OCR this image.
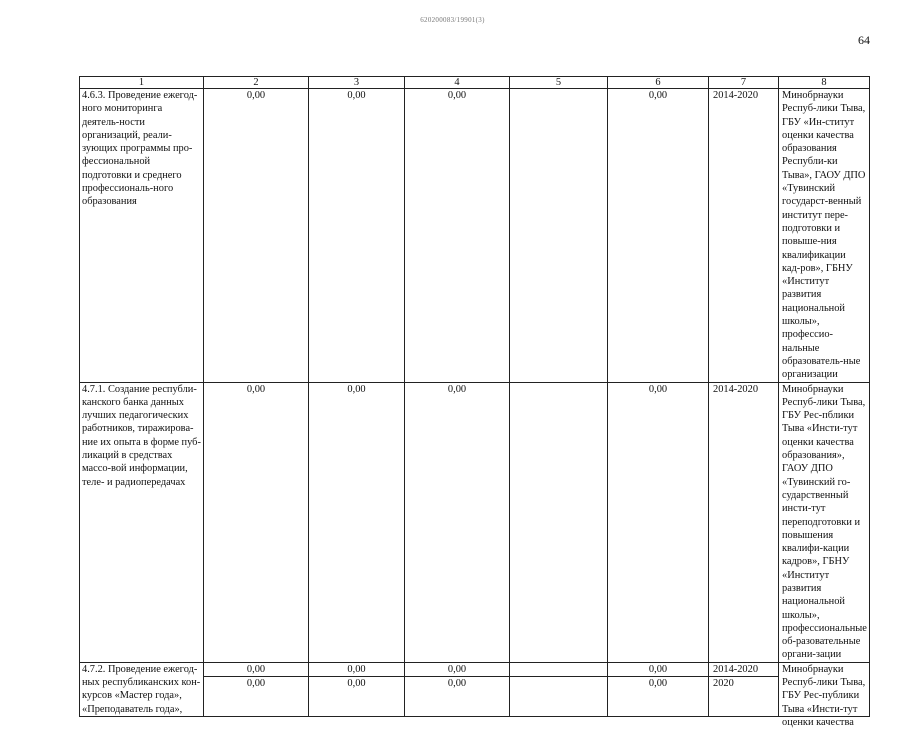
620200083/19901(3)
64
1	2	3	4	5	6	7	8
4.6.3. Проведение ежегод-ного мониторинга деятель-ности организаций, реали-зующих программы про-фессиональной подготовки и среднего профессиональ-ного образования	0,00	0,00	0,00		0,00	2014-2020	Минобрнауки Респуб-лики Тыва, ГБУ «Ин-ститут оценки качества образования Республи-ки Тыва», ГАОУ ДПО «Тувинский государст-венный институт пере-подготовки и повыше-ния квалификации кад-ров», ГБНУ «Институт развития национальной школы», профессио-нальные образователь-ные организации
4.7.1. Создание республи-канского банка данных лучших педагогических работников, тиражирова-ние их опыта в форме пуб-ликаций в средствах массо-вой информации, теле- и радиопередачах	0,00	0,00	0,00		0,00	2014-2020	Минобрнауки Респуб-лики Тыва, ГБУ Рес-пблики Тыва «Инсти-тут оценки качества образования», ГАОУ ДПО «Тувинский го-сударственный инсти-тут переподготовки и повышения квалифи-кации кадров», ГБНУ «Институт развития национальной школы», профессиональные об-разовательные органи-зации

4.7.2. Проведение ежегод-ных республиканских кон-курсов «Мастер года», «Преподаватель года»,	0,00	0,00	0,00		0,00	2014-2020	Минобрнауки Респуб-лики Тыва, ГБУ Рес-публики Тыва «Инсти-тут оценки качества

	0,00	0,00	0,00		0,00	2020	
